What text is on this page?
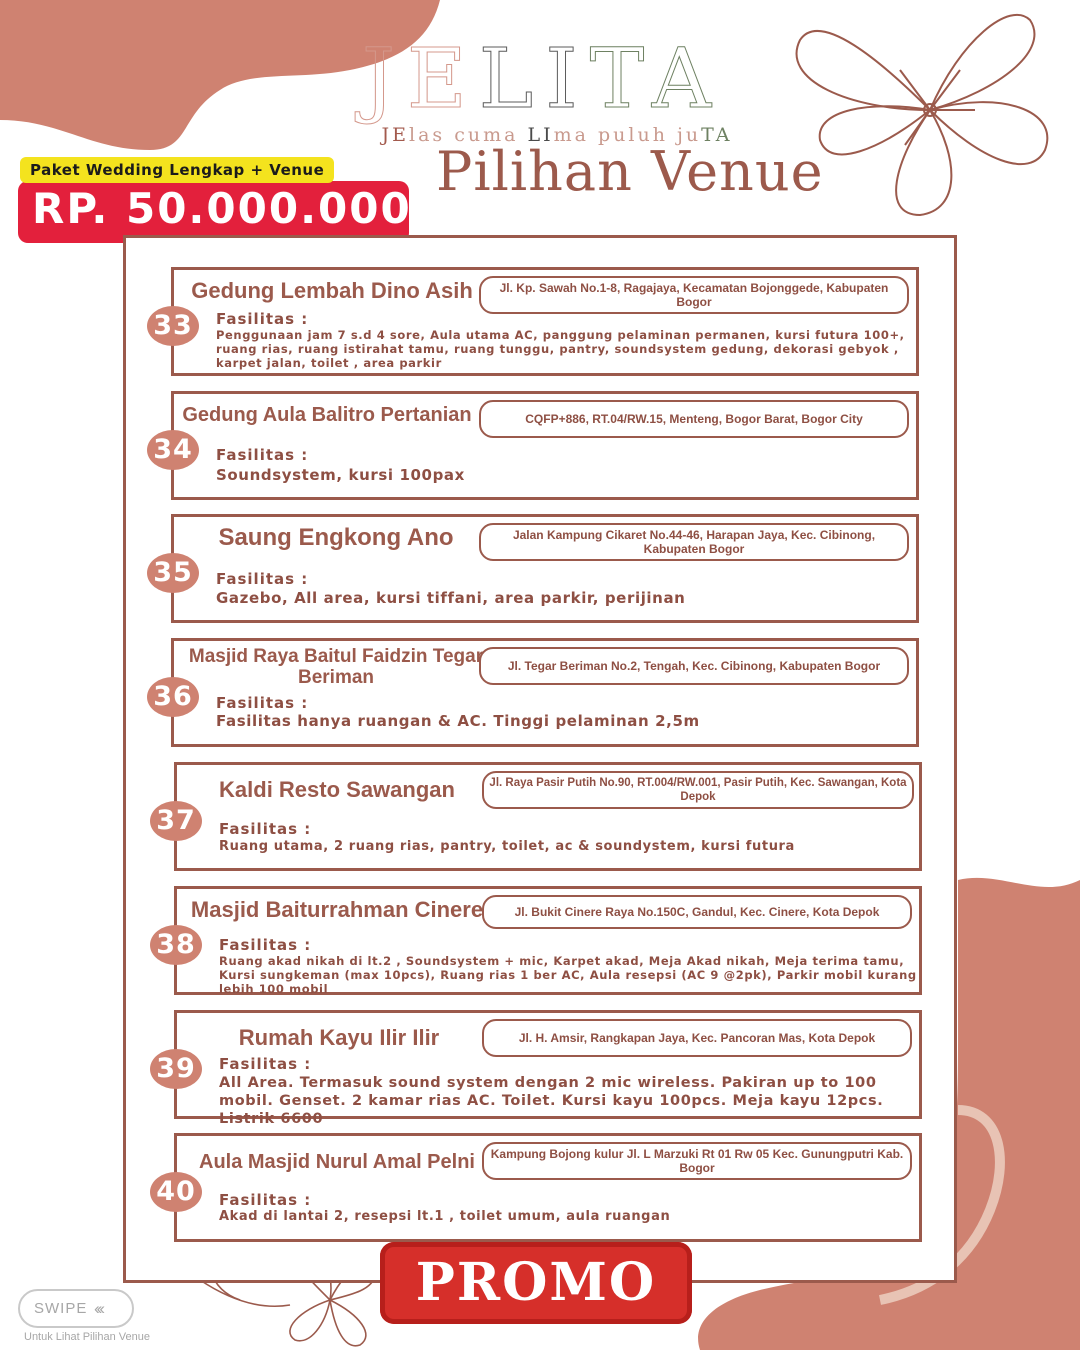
JELITA
JElas cuma LIma puluh juTA
Pilihan Venue
Paket Wedding Lengkap + Venue
RP. 50.000.000
Gedung Lembah Dino Asih	Jl. Kp. Sawah No.1-8, Ragajaya, Kecamatan Bojonggede, Kabupaten Bogor
33	Fasilitas :
Penggunaan jam 7 s.d 4 sore, Aula utama AC, panggung pelaminan permanen, kursi futura 100+, ruang rias, ruang istirahat tamu, ruang tunggu, pantry, soundsystem gedung, dekorasi gebyok , karpet jalan, toilet , area parkir
Gedung Aula Balitro Pertanian	CQFP+886, RT.04/RW.15, Menteng, Bogor Barat, Bogor City
34	Fasilitas :
Soundsystem, kursi 100pax
Saung Engkong Ano	Jalan Kampung Cikaret No.44-46, Harapan Jaya, Kec. Cibinong, Kabupaten Bogor
35	Fasilitas :
Gazebo, All area, kursi tiffani, area parkir, perijinan
Masjid Raya Baitul Faidzin Tegar Beriman
Jl. Tegar Beriman No.2, Tengah, Kec. Cibinong, Kabupaten Bogor
36	Fasilitas :
Fasilitas hanya ruangan & AC. Tinggi pelaminan 2,5m
Kaldi Resto Sawangan	Jl. Raya Pasir Putih No.90, RT.004/RW.001, Pasir Putih, Kec. Sawangan, Kota Depok
37	Fasilitas :
Ruang utama, 2 ruang rias, pantry, toilet, ac & soundystem, kursi futura
Masjid Baiturrahman Cinere	Jl. Bukit Cinere Raya No.150C, Gandul, Kec. Cinere, Kota Depok
38	Fasilitas :
Ruang akad nikah di lt.2 , Soundsystem + mic, Karpet akad, Meja Akad nikah, Meja terima tamu, Kursi sungkeman (max 10pcs), Ruang rias 1 ber AC, Aula resepsi (AC 9 @2pk), Parkir mobil kurang lebih 100 mobil
Rumah Kayu Ilir Ilir	Jl. H. Amsir, Rangkapan Jaya, Kec. Pancoran Mas, Kota Depok
39	Fasilitas :
All Area. Termasuk sound system dengan 2 mic wireless. Pakiran up to 100 mobil. Genset. 2 kamar rias AC. Toilet. Kursi kayu 100pcs. Meja kayu 12pcs. Listrik 6600
Aula Masjid Nurul Amal Pelni	Kampung Bojong kulur Jl. L Marzuki Rt 01 Rw 05 Kec. Gunungputri Kab. Bogor
40	Fasilitas :
Akad di lantai 2, resepsi lt.1 , toilet umum, aula ruangan
PROMO
SWIPE ‹‹‹
Untuk Lihat Pilihan Venue
